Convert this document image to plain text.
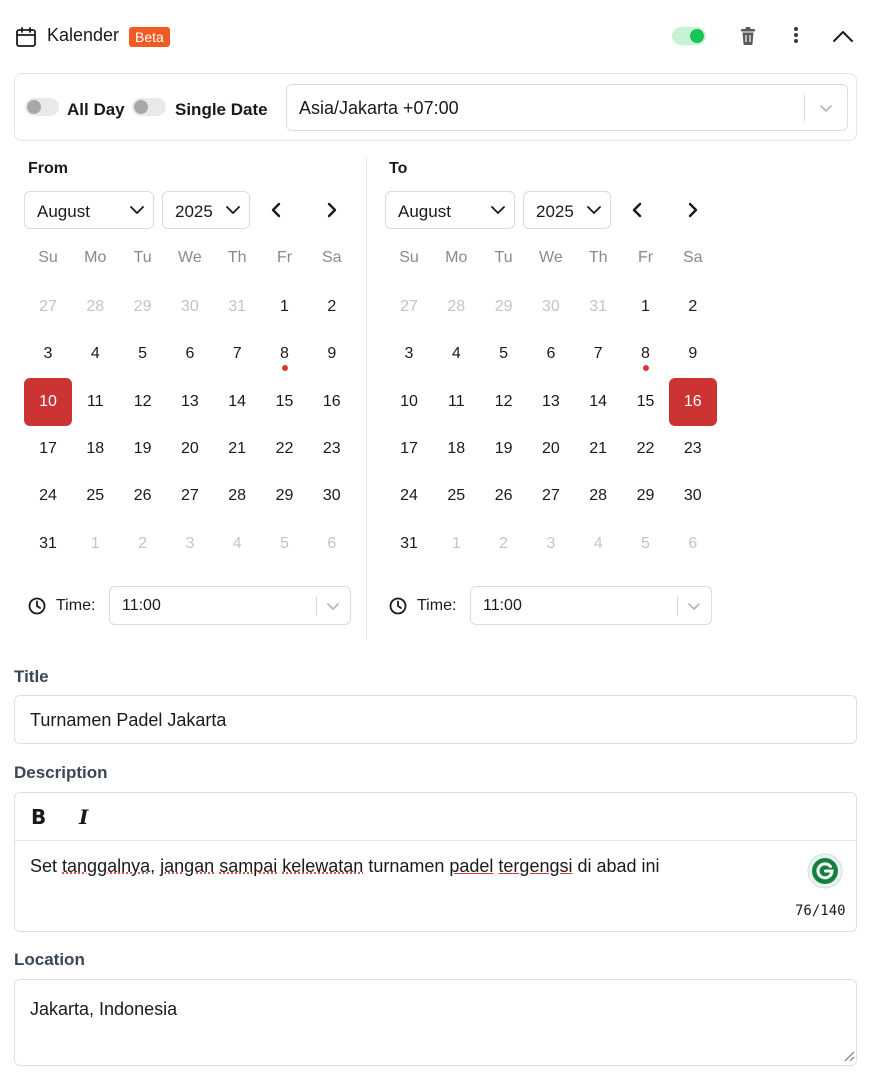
Kalender	Beta
All Day	Single Date Asia/Jakarta +07:00
From
August	2025
Su	Mo	Tu	We	Th	Fr	Sa
27	28	29	30	31	1	2
3	4	5	6	7	8	9
10	11	12	13	14	15	16
17	18	19	20	21	22	23
24	25	26	27	28	29	30
31	1	2	3	4	5	6
Time: 11:00
To
August	2025
Su	Mo	Tu	We	Th	Fr	Sa
27	28	29	30	31	1	2
3	4	5	6	7	8	9
10	11	12	13	14	15	16
17	18	19	20	21	22	23
24	25	26	27	28	29	30
31	1	2	3	4	5	6
Time: 11:00
Title
Turnamen Padel Jakarta
Description
B I
Set tanggalnya, jangan sampai kelewatan turnamen padel tergengsi di abad ini
76/140
Location
Jakarta, Indonesia
